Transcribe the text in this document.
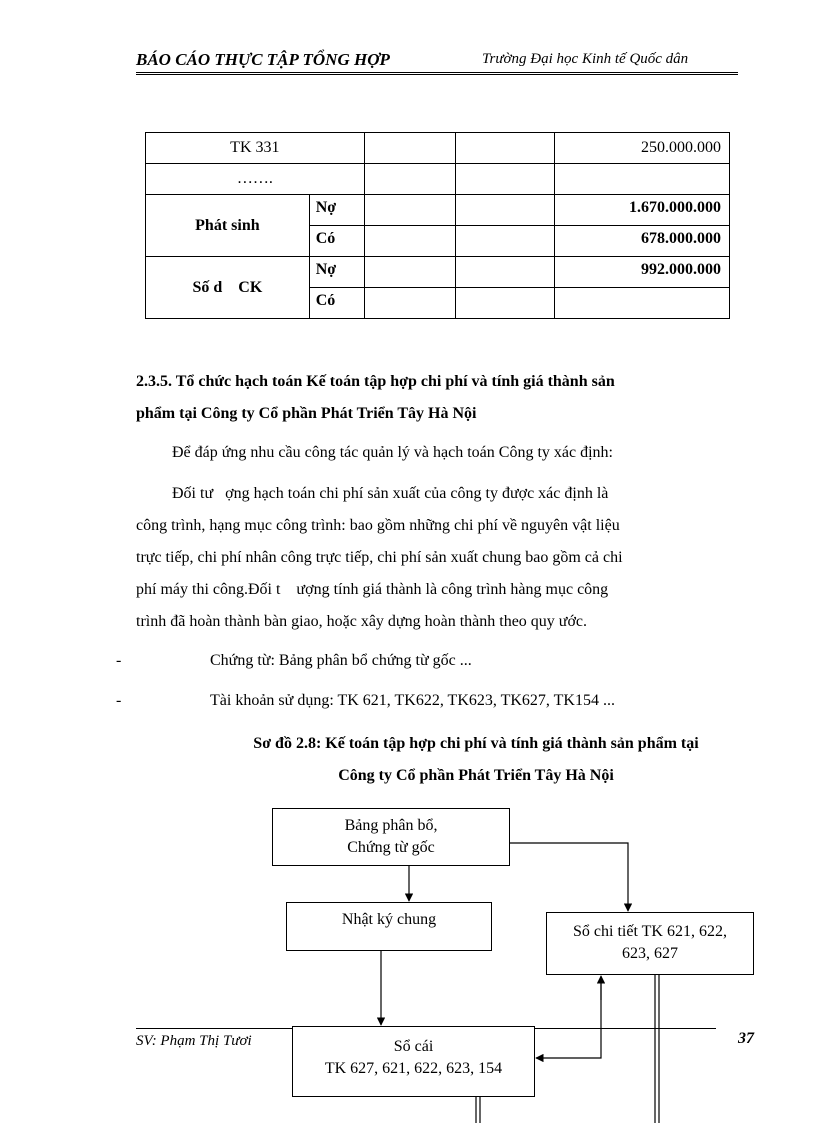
BÁO CÁO THỰC TẬP TỔNG HỢP	Trường Đại học Kinh tế Quốc dân
TK 331				250.000.000
…….				
Phát sinh	Nợ			1.670.000.000
	Có			678.000.000
Số d    CK	Nợ			992.000.000
	Có			
2.3.5. Tổ chức hạch toán Kế toán tập hợp chi phí và tính giá thành sản
phẩm tại Công ty Cổ phần Phát Triển Tây Hà Nội
Để đáp ứng nhu cầu công tác quản lý và hạch toán Công ty xác định:
Đối tư   ợng hạch toán chi phí sản xuất của công ty được xác định là
công trình, hạng mục công trình: bao gồm những chi phí về nguyên vật liệu
trực tiếp, chi phí nhân công trực tiếp, chi phí sản xuất chung bao gồm cả chi
phí máy thi công.Đối t    ượng tính giá thành là công trình hàng mục công
trình đã hoàn thành bàn giao, hoặc xây dựng hoàn thành theo quy ước.
-	Chứng từ: Bảng phân bổ chứng từ gốc ...
-	Tài khoản sử dụng: TK 621, TK622, TK623, TK627, TK154 ...
Sơ đồ 2.8: Kế toán tập hợp chi phí và tính giá thành sản phẩm tại
Công ty Cổ phần Phát Triển Tây Hà Nội
Bảng phân bổ,
Chứng từ gốc
Nhật ký chung
Sổ chi tiết TK 621, 622,
623, 627
Sổ cái
TK 627, 621, 622, 623, 154
SV: Phạm Thị Tươi	37
